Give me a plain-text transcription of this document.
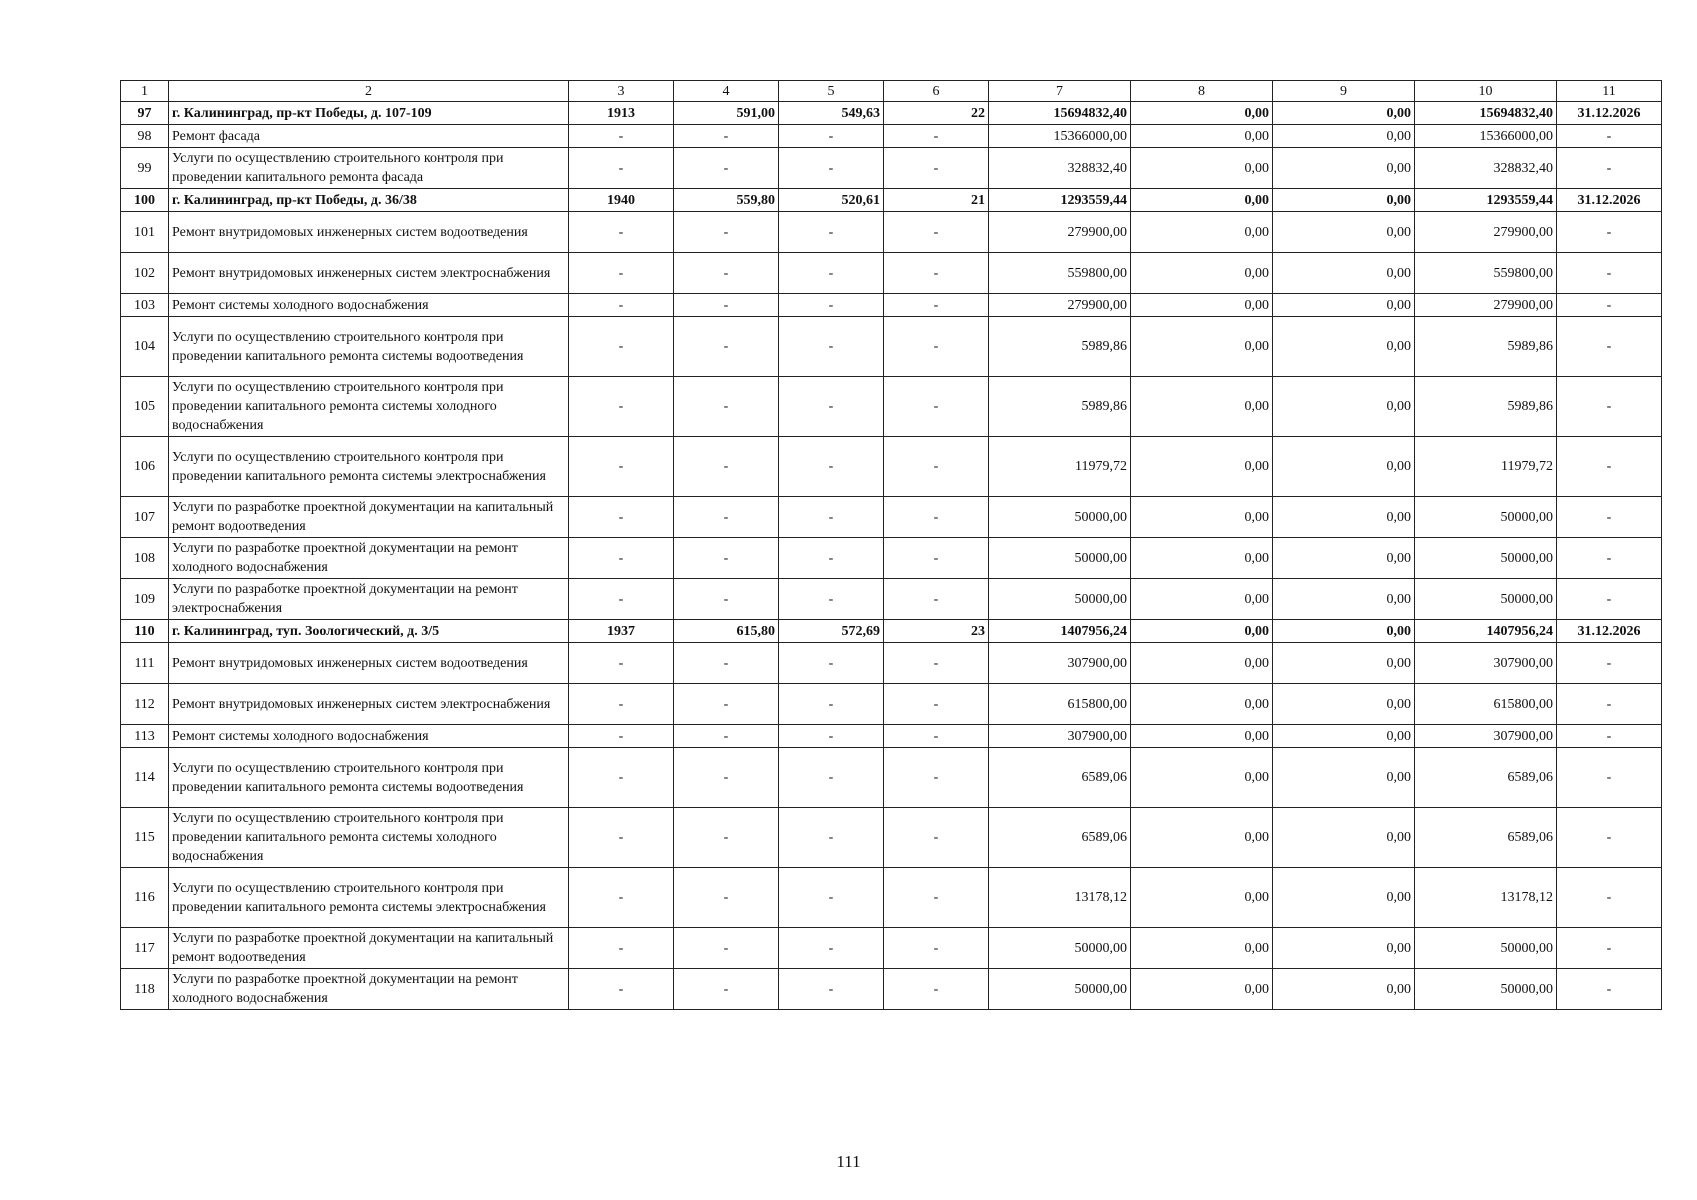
1	2	3	4	5	6	7	8	9	10	11
97	г. Калининград, пр-кт Победы, д. 107-109	1913	591,00	549,63	22	15694832,40	0,00	0,00	15694832,40	31.12.2026
98	Ремонт фасада	-	-	-	-	15366000,00	0,00	0,00	15366000,00	-
99	Услуги по осуществлению строительного контроля при проведении капитального ремонта фасада	-	-	-	-	328832,40	0,00	0,00	328832,40	-
100	г. Калининград, пр-кт Победы, д. 36/38	1940	559,80	520,61	21	1293559,44	0,00	0,00	1293559,44	31.12.2026
101	Ремонт внутридомовых инженерных систем водоотведения	-	-	-	-	279900,00	0,00	0,00	279900,00	-
102	Ремонт внутридомовых инженерных систем электроснабжения	-	-	-	-	559800,00	0,00	0,00	559800,00	-
103	Ремонт системы холодного водоснабжения	-	-	-	-	279900,00	0,00	0,00	279900,00	-
104	Услуги по осуществлению строительного контроля при проведении капитального ремонта системы водоотведения	-	-	-	-	5989,86	0,00	0,00	5989,86	-
105	Услуги по осуществлению строительного контроля при проведении капитального ремонта системы холодного водоснабжения	-	-	-	-	5989,86	0,00	0,00	5989,86	-
106	Услуги по осуществлению строительного контроля при проведении капитального ремонта системы электроснабжения	-	-	-	-	11979,72	0,00	0,00	11979,72	-
107	Услуги по разработке проектной документации на капитальный ремонт водоотведения	-	-	-	-	50000,00	0,00	0,00	50000,00	-
108	Услуги по разработке проектной документации на ремонт холодного водоснабжения	-	-	-	-	50000,00	0,00	0,00	50000,00	-
109	Услуги по разработке проектной документации на ремонт электроснабжения	-	-	-	-	50000,00	0,00	0,00	50000,00	-
110	г. Калининград, туп. Зоологический, д. 3/5	1937	615,80	572,69	23	1407956,24	0,00	0,00	1407956,24	31.12.2026
111	Ремонт внутридомовых инженерных систем водоотведения	-	-	-	-	307900,00	0,00	0,00	307900,00	-
112	Ремонт внутридомовых инженерных систем электроснабжения	-	-	-	-	615800,00	0,00	0,00	615800,00	-
113	Ремонт системы холодного водоснабжения	-	-	-	-	307900,00	0,00	0,00	307900,00	-
114	Услуги по осуществлению строительного контроля при проведении капитального ремонта системы водоотведения	-	-	-	-	6589,06	0,00	0,00	6589,06	-
115	Услуги по осуществлению строительного контроля при проведении капитального ремонта системы холодного водоснабжения	-	-	-	-	6589,06	0,00	0,00	6589,06	-
116	Услуги по осуществлению строительного контроля при проведении капитального ремонта системы электроснабжения	-	-	-	-	13178,12	0,00	0,00	13178,12	-
117	Услуги по разработке проектной документации на капитальный ремонт водоотведения	-	-	-	-	50000,00	0,00	0,00	50000,00	-
118	Услуги по разработке проектной документации на ремонт холодного водоснабжения	-	-	-	-	50000,00	0,00	0,00	50000,00	-
111
